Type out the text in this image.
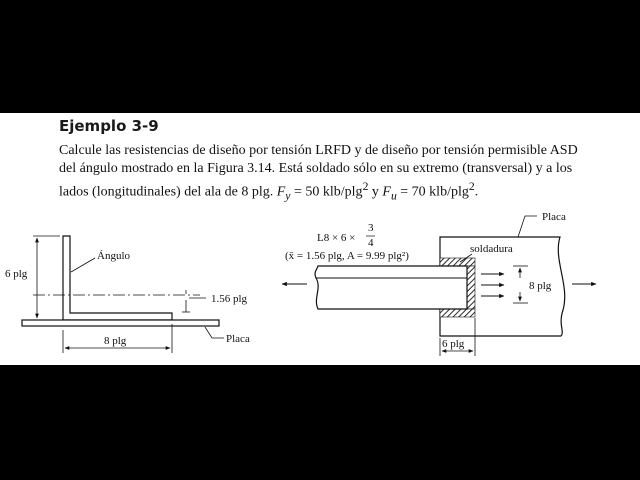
Ejemplo 3-9

Calcule las resistencias de diseño por tensión LRFD y de diseño por tensión permisible ASD

del ángulo mostrado en la Figura 3.14. Está soldado sólo en su extremo (transversal) y a los

lados (longitudinales) del ala de 8 plg. $F_y = 50$ klb/plg$^2$ y $F_u = 70$ klb/plg$^2$.

Ángulo
6 plg
1.56 plg
8 plg	Placa
L8 × 6 ×
3
4
(x̄ = 1.56 plg, A = 9.99 plg²)
soldadura
Placa
8 plg
6 plg
